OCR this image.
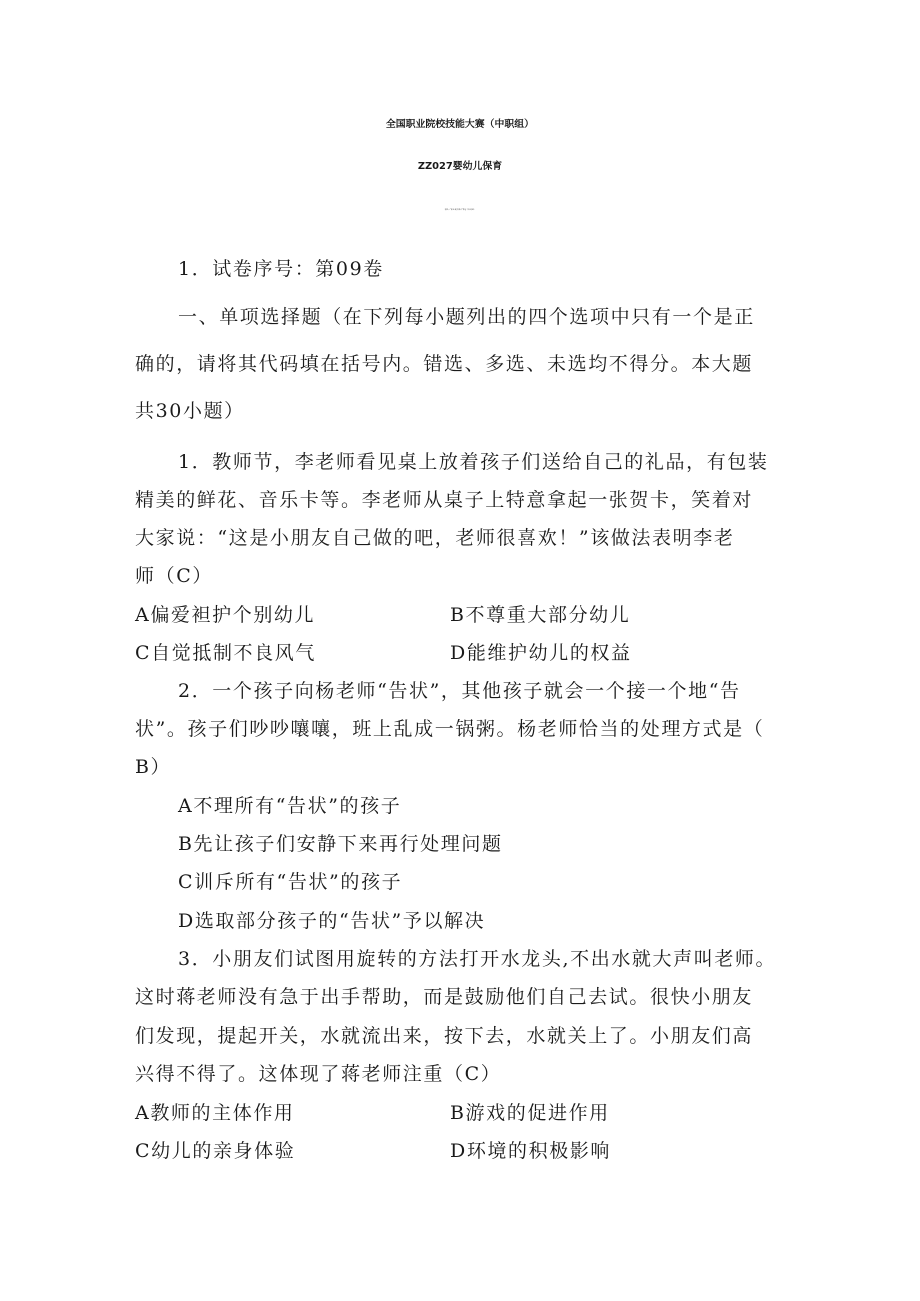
全国职业院校技能大赛（中职组）
ZZ027婴幼儿保育
模块一“职业素养测评”赛卷（客观题）
1．试卷序号：第09卷
一、单项选择题（在下列每小题列出的四个选项中只有一个是正
确的，请将其代码填在括号内。错选、多选、未选均不得分。本大题
共30小题）
1．教师节，李老师看见桌上放着孩子们送给自己的礼品，有包装
精美的鲜花、音乐卡等。李老师从桌子上特意拿起一张贺卡，笑着对
大家说：“这是小朋友自己做的吧，老师很喜欢！”该做法表明李老
师（C）
A偏爱袒护个别幼儿	B不尊重大部分幼儿
C自觉抵制不良风气	D能维护幼儿的权益
2．一个孩子向杨老师“告状”，其他孩子就会一个接一个地“告
状”。孩子们吵吵嚷嚷，班上乱成一锅粥。杨老师恰当的处理方式是（
B）
A不理所有“告状”的孩子
B先让孩子们安静下来再行处理问题
C训斥所有“告状”的孩子
D选取部分孩子的“告状”予以解决
3．小朋友们试图用旋转的方法打开水龙头,不出水就大声叫老师。
这时蒋老师没有急于出手帮助，而是鼓励他们自己去试。很快小朋友
们发现，提起开关，水就流出来，按下去，水就关上了。小朋友们高
兴得不得了。这体现了蒋老师注重（C）
A教师的主体作用	B游戏的促进作用
C幼儿的亲身体验	D环境的积极影响
